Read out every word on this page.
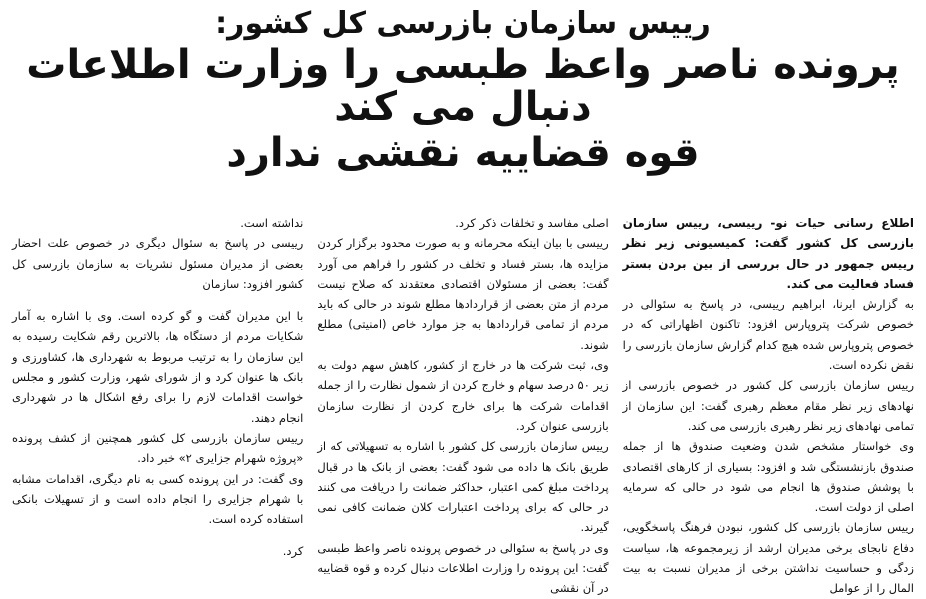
رییس سازمان بازرسی کل کشور:
پرونده ناصر واعظ طبسی را وزارت اطلاعات دنبال می کند
قوه قضاییه نقشی ندارد

اطلاع رسانی حیات نو- رییسی، رییس سازمان بازرسی کل کشور گفت: کمیسیونی زیر نظر رییس جمهور در حال بررسی از بین بردن بستر فساد فعالیت می کند.

به گزارش ایرنا، ابراهیم رییسی، در پاسخ به سئوالی در خصوص شرکت پتروپارس افزود: تاکنون اظهاراتی که در خصوص پتروپارس شده هیچ کدام گزارش سازمان بازرسی را نقض نکرده است.

رییس سازمان بازرسی کل کشور در خصوص بازرسی از نهادهای زیر نظر مقام معظم رهبری گفت: این سازمان از تمامی نهادهای زیر نظر رهبری بازرسی می کند.

وی خواستار مشخص شدن وضعیت صندوق ها از جمله صندوق بازنشستگی شد و افزود: بسیاری از کارهای اقتصادی با پوشش صندوق ها انجام می شود در حالی که سرمایه اصلی از دولت است.

رییس سازمان بازرسی کل کشور، نبودن فرهنگ پاسخگویی، دفاع نابجای برخی مدیران ارشد از زیرمجموعه ها، سیاست زدگی و حساسیت نداشتن برخی از مدیران نسبت به بیت المال را از عوامل

اصلی مفاسد و تخلفات ذکر کرد.

رییسی با بیان اینکه محرمانه و به صورت محدود برگزار کردن مزایده ها، بستر فساد و تخلف در کشور را فراهم می آورد گفت: بعضی از مسئولان اقتصادی معتقدند که صلاح نیست مردم از متن بعضی از قراردادها مطلع شوند در حالی که باید مردم از تمامی قراردادها به جز موارد خاص (امنیتی) مطلع شوند.

وی، ثبت شرکت ها در خارج از کشور، کاهش سهم دولت به زیر ۵۰ درصد سهام و خارج کردن از شمول نظارت را از جمله اقدامات شرکت ها برای خارج کردن از نظارت سازمان بازرسی عنوان کرد.

رییس سازمان بازرسی کل کشور با اشاره به تسهیلاتی که از طریق بانک ها داده می شود گفت: بعضی از بانک ها در قبال پرداخت مبلغ کمی اعتبار، حداکثر ضمانت را دریافت می کنند در حالی که برای پرداخت اعتبارات کلان ضمانت کافی نمی گیرند.

وی در پاسخ به سئوالی در خصوص پرونده ناصر واعظ طبسی گفت: این پرونده را وزارت اطلاعات دنبال کرده و قوه قضاییه در آن نقشی

نداشته است.

رییسی در پاسخ به سئوال دیگری در خصوص علت احضار بعضی از مدیران مسئول نشریات به سازمان بازرسی کل کشور افزود: سازمان

با این مدیران گفت و گو کرده است. وی با اشاره به آمار شکایات مردم از دستگاه ها، بالاترین رقم شکایت رسیده به این سازمان را به ترتیب مربوط به شهرداری ها، کشاورزی و بانک ها عنوان کرد و از شورای شهر، وزارت کشور و مجلس خواست اقدامات لازم را برای رفع اشکال ها در شهرداری انجام دهند.

رییس سازمان بازرسی کل کشور همچنین از کشف پرونده «پروژه شهرام جزایری ۲» خبر داد.

وی گفت: در این پرونده کسی به نام دیگری، اقدامات مشابه با شهرام جزایری را انجام داده است و از تسهیلات بانکی استفاده کرده است.

کرد.
